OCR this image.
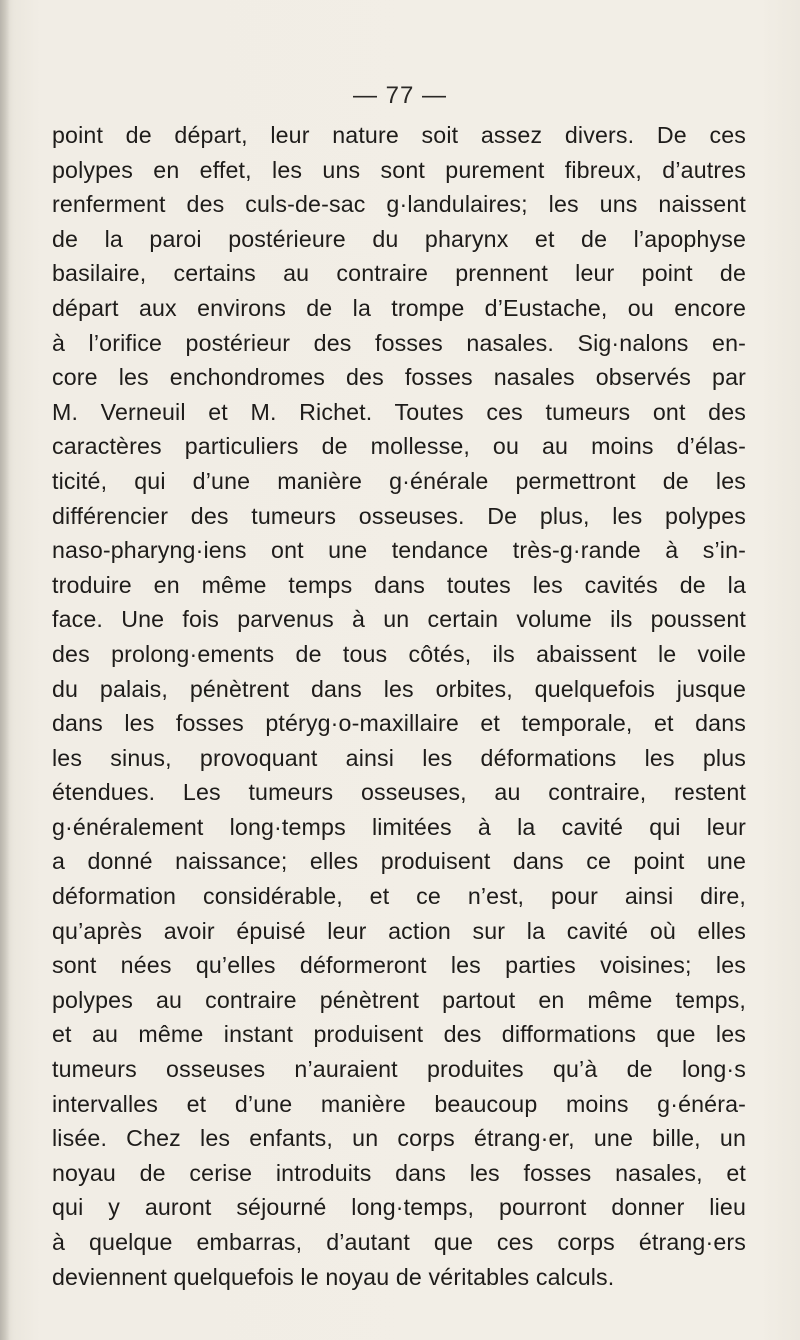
— 77 —
point de départ, leur nature soit assez divers. De ces
polypes en effet, les uns sont purement fibreux, d’autres
renferment des culs-de-sac g·landulaires; les uns naissent
de la paroi postérieure du pharynx et de l’apophyse
basilaire, certains au contraire prennent leur point de
départ aux environs de la trompe d’Eustache, ou encore
à l’orifice postérieur des fosses nasales. Sig·nalons en-
core les enchondromes des fosses nasales observés par
M. Verneuil et M. Richet. Toutes ces tumeurs ont des
caractères particuliers de mollesse, ou au moins d’élas-
ticité, qui d’une manière g·énérale permettront de les
différencier des tumeurs osseuses. De plus, les polypes
naso-pharyng·iens ont une tendance très-g·rande à s’in-
troduire en même temps dans toutes les cavités de la
face. Une fois parvenus à un certain volume ils poussent
des prolong·ements de tous côtés, ils abaissent le voile
du palais, pénètrent dans les orbites, quelquefois jusque
dans les fosses ptéryg·o-maxillaire et temporale, et dans
les sinus, provoquant ainsi les déformations les plus
étendues. Les tumeurs osseuses, au contraire, restent
g·énéralement long·temps limitées à la cavité qui leur
a donné naissance; elles produisent dans ce point une
déformation considérable, et ce n’est, pour ainsi dire,
qu’après avoir épuisé leur action sur la cavité où elles
sont nées qu’elles déformeront les parties voisines; les
polypes au contraire pénètrent partout en même temps,
et au même instant produisent des difformations que les
tumeurs osseuses n’auraient produites qu’à de long·s
intervalles et d’une manière beaucoup moins g·énéra-
lisée. Chez les enfants, un corps étrang·er, une bille, un
noyau de cerise introduits dans les fosses nasales, et
qui y auront séjourné long·temps, pourront donner lieu
à quelque embarras, d’autant que ces corps étrang·ers
deviennent quelquefois le noyau de véritables calculs.
